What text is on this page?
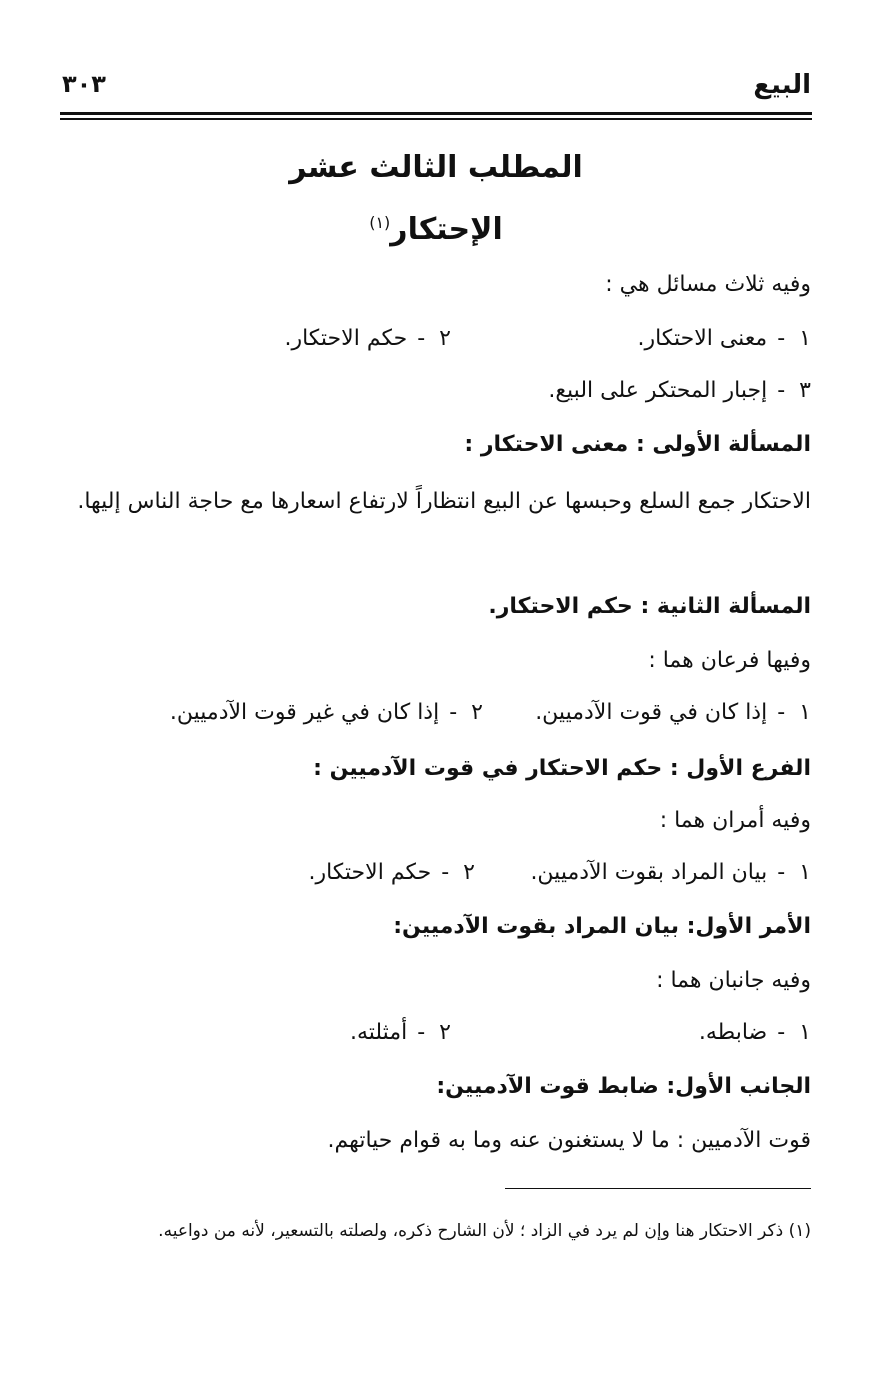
البيع

٣٠٣

المطلب الثالث عشر
الإحتكار$^{(١)}$

وفيه ثلاث مسائل هي :

١-معنى الاحتكار.

٢-حكم الاحتكار.

٣-إجبار المحتكر على البيع.

المسألة الأولى : معنى الاحتكار :

الاحتكار جمع السلع وحبسها عن البيع انتظاراً لارتفاع اسعارها مع حاجة الناس إليها.

المسألة الثانية : حكم الاحتكار.

وفيها فرعان هما :

١-إذا كان في قوت الآدميين.

٢-إذا كان في غير قوت الآدميين.

الفرع الأول : حكم الاحتكار في قوت الآدميين :

وفيه أمران هما :

١-بيان المراد بقوت الآدميين.

٢-حكم الاحتكار.

الأمر الأول: بيان المراد بقوت الآدميين:

وفيه جانبان هما :

١-ضابطه.

٢-أمثلته.

الجانب الأول: ضابط قوت الآدميين:

قوت الآدميين : ما لا يستغنون عنه وما به قوام حياتهم.

(١) ذكر الاحتكار هنا وإن لم يرد في الزاد ؛ لأن الشارح ذكره، ولصلته بالتسعير، لأنه من دواعيه.
